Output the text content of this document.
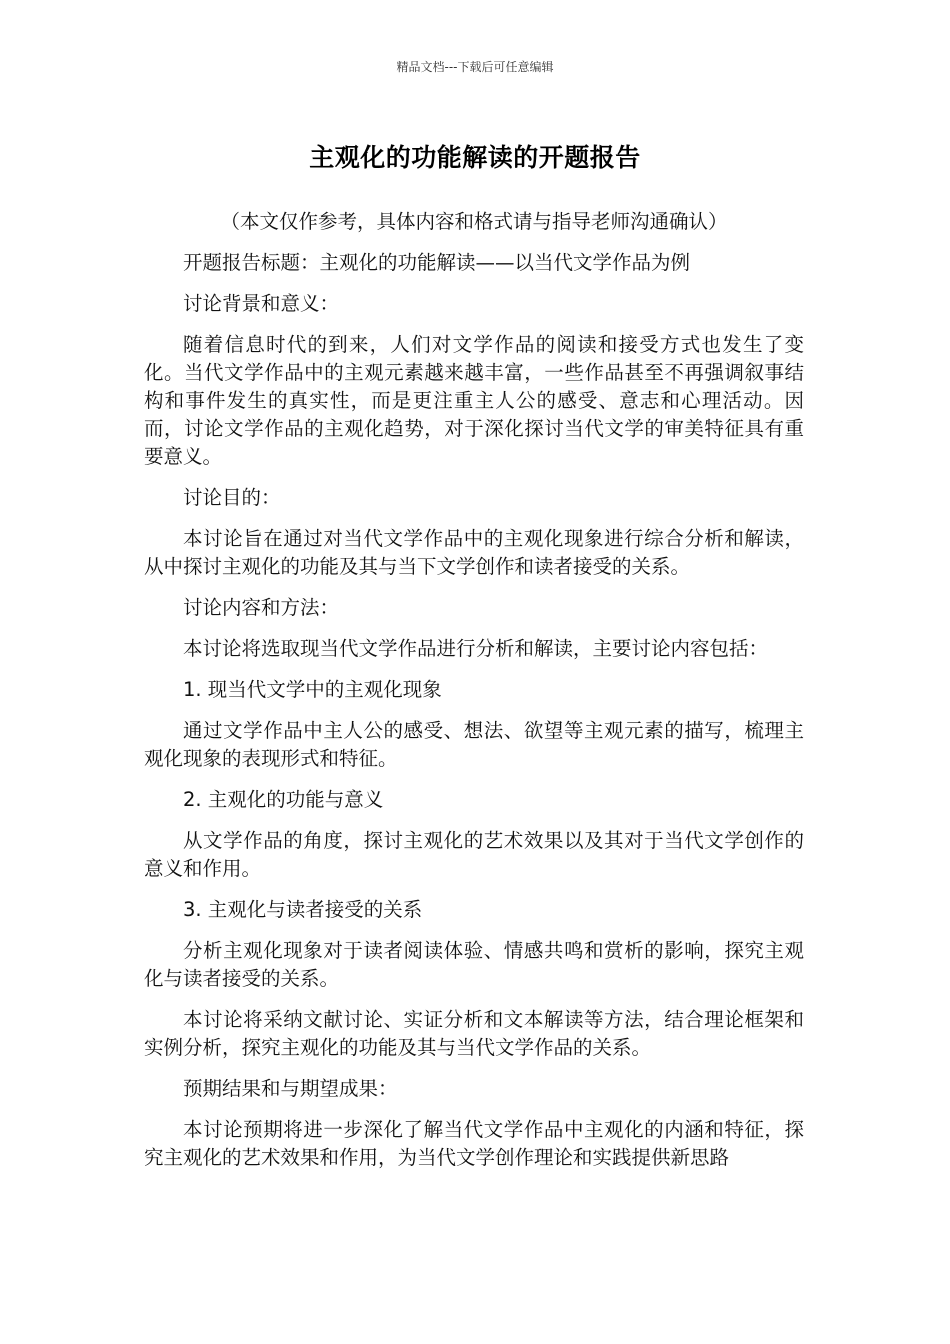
精品文档---下载后可任意编辑
主观化的功能解读的开题报告

（本文仅作参考，具体内容和格式请与指导老师沟通确认）

开题报告标题：主观化的功能解读——以当代文学作品为例

讨论背景和意义：

随着信息时代的到来，人们对文学作品的阅读和接受方式也发生了变化。当代文学作品中的主观元素越来越丰富，一些作品甚至不再强调叙事结构和事件发生的真实性，而是更注重主人公的感受、意志和心理活动。因而，讨论文学作品的主观化趋势，对于深化探讨当代文学的审美特征具有重要意义。

讨论目的：

本讨论旨在通过对当代文学作品中的主观化现象进行综合分析和解读，从中探讨主观化的功能及其与当下文学创作和读者接受的关系。

讨论内容和方法：

本讨论将选取现当代文学作品进行分析和解读，主要讨论内容包括：

1. 现当代文学中的主观化现象

通过文学作品中主人公的感受、想法、欲望等主观元素的描写，梳理主观化现象的表现形式和特征。

2. 主观化的功能与意义

从文学作品的角度，探讨主观化的艺术效果以及其对于当代文学创作的意义和作用。

3. 主观化与读者接受的关系

分析主观化现象对于读者阅读体验、情感共鸣和赏析的影响，探究主观化与读者接受的关系。

本讨论将采纳文献讨论、实证分析和文本解读等方法，结合理论框架和实例分析，探究主观化的功能及其与当代文学作品的关系。

预期结果和与期望成果：

本讨论预期将进一步深化了解当代文学作品中主观化的内涵和特征，探究主观化的艺术效果和作用，为当代文学创作理论和实践提供新思路
